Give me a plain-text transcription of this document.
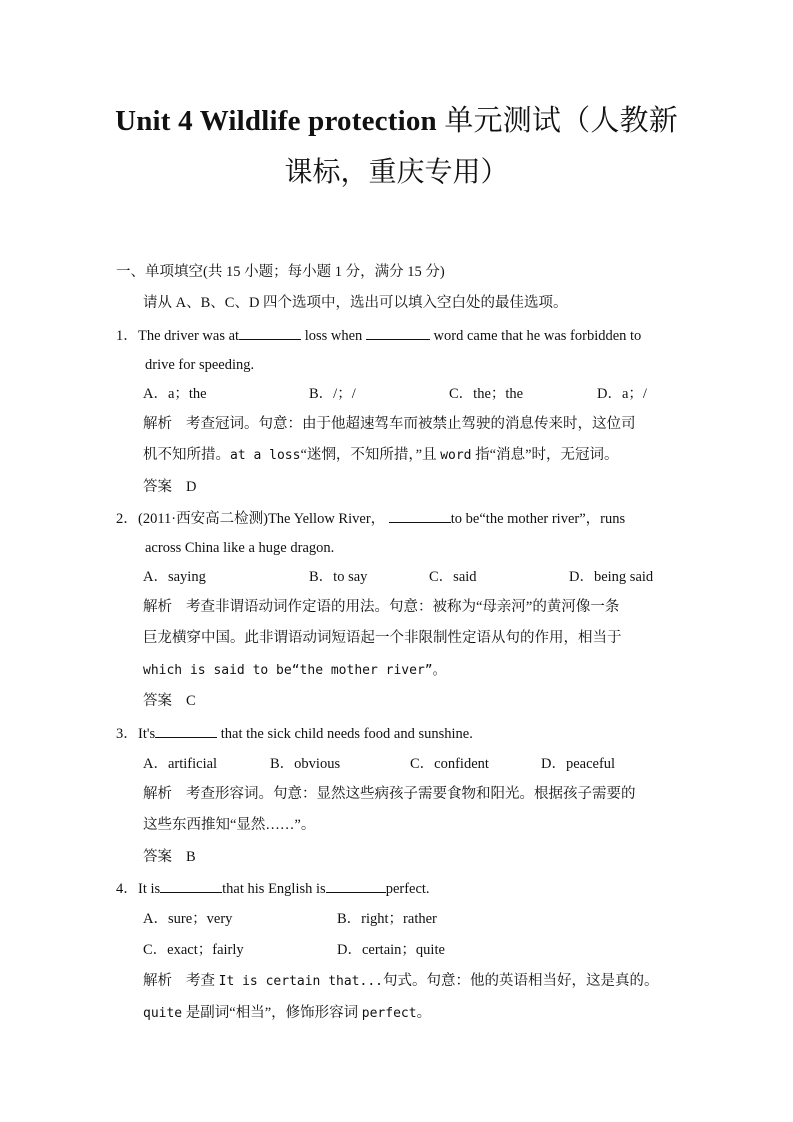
Unit 4 Wildlife protection 单元测试（人教新
课标，重庆专用）
一、单项填空(共 15 小题；每小题 1 分，满分 15 分)
请从 A、B、C、D 四个选项中，选出可以填入空白处的最佳选项。
1．The driver was at	loss when	word came that he was forbidden to
drive for speeding.
A．a；the	B．/；/	C．the；the	D．a；/
解析 考查冠词。句意：由于他超速驾车而被禁止驾驶的消息传来时，这位司
机不知所措。at a loss“迷惘，不知所措，”且 word 指“消息”时，无冠词。
答案 D
2．(2011·西安高二检测)The Yellow River，	to be“the mother river”，runs
across China like a huge dragon.
A．saying	B．to say	C．said	D．being said
解析 考查非谓语动词作定语的用法。句意：被称为“母亲河”的黄河像一条
巨龙横穿中国。此非谓语动词短语起一个非限制性定语从句的作用，相当于
which is said to be“the mother river”。
答案 C
3．It's	that the sick child needs food and sunshine.
A．artificial	B．obvious	C．confident	D．peaceful
解析 考查形容词。句意：显然这些病孩子需要食物和阳光。根据孩子需要的
这些东西推知“显然……”。
答案 B
4．It is	that his English is	perfect.
A．sure；very	B．right；rather
C．exact；fairly	D．certain；quite
解析 考查 It is certain that...句式。句意：他的英语相当好，这是真的。
quite 是副词“相当”，修饰形容词 perfect。
